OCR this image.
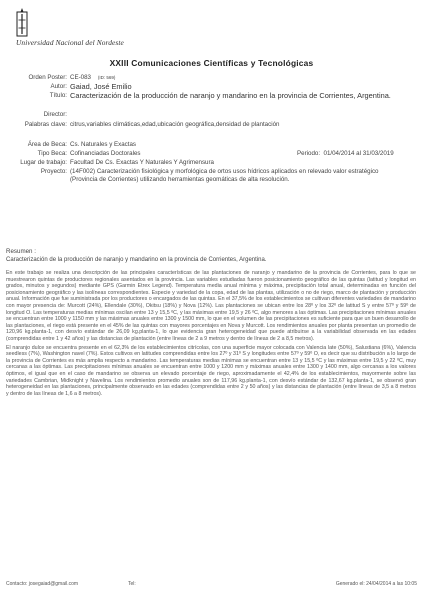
Universidad Nacional del Nordeste
XXIII Comunicaciones Científicas y Tecnológicas
Orden Poster: CE-083 (ID: 569)
Autor: Gaiad, José Emilio
Título: Caracterización de la producción de naranjo y mandarino en la provincia de Corrientes, Argentina.
Director:
Palabras clave: citrus,variables climáticas,edad,ubicación geográfica,densidad de plantación
Área de Beca: Cs. Naturales y Exactas
Tipo Beca: Cofinanciadas Doctorales	Periodo: 01/04/2014 al 31/03/2019
Lugar de trabajo: Facultad De Cs. Exactas Y Naturales Y Agrimensura
Proyecto: (14F002) Caracterización fisiológica y morfológica de ortos usos hídricos aplicados en relevado valor estratégico (Provincia de Corrientes) utilizando herramientas geomáticas de alta resolución.
Resumen :
Caracterización de la producción de naranjo y mandarino en la provincia de Corrientes, Argentina.

En este trabajo se realiza una descripción de las principales características de las plantaciones de naranjo y mandarino de la provincia de Corrientes, para lo que se muestrearon quintas de productores regionales asentados en la provincia. Las variables estudiadas fueron posicionamiento geográfico de las quintas (latitud y longitud en grados, minutos y segundos) mediante GPS (Garmin Etrex Legend). Temperatura media anual mínima y máxima, precipitación total anual, determinadas en función del posicionamiento geográfico y las isolíneas correspondientes. Especie y variedad de la copa, edad de las plantas, utilización o no de riego, marco de plantación y producción anual. Información que fue suministrada por los productores o encargados de las quintas. En el 37,5% de los establecimientos se cultivan diferentes variedades de mandarino con mayor presencia de: Murcott (24%), Ellendale (30%), Okitsu (18%) y Nova (12%). Las plantaciones se ubican entre los 28º y los 32º de latitud S y entre 57º y 59º de longitud O. Las temperaturas medias mínimas oscilan entre 13 y 15,5 ºC, y las máximas entre 19,5 y 26 ºC, algo menores a las óptimas. Las precipitaciones mínimas anuales se encuentran entre 1000 y 1150 mm y las máximas anuales entre 1300 y 1500 mm, lo que en el volumen de las precipitaciones es suficiente para que un buen desarrollo de las plantaciones, el riego está presente en el 45% de las quintas con mayores porcentajes en Nova y Murcott. Los rendimientos anuales por planta presentan un promedio de 120,96 kg.planta-1, con desvío estándar de 26,09 kg.planta-1, lo que evidencia gran heterogeneidad que puede atribuirse a la variabilidad observada en las edades (comprendidas entre 1 y 42 años) y las distancias de plantación (entre líneas de 2 a 9 metros y dentro de líneas de 2 a 8,5 metros).

El naranjo dulce se encuentra presente en el 62,3% de los establecimientos citrícolas, con una superficie mayor colocada con Valencia late (50%), Salustiana (6%), Valencia seedless (7%), Washington navel (7%). Estos cultivos en latitudes comprendidas entre los 27º y 31º S y longitudes entre 57º y 59º O, es decir que su distribución a lo largo de la provincia de Corrientes es más amplia respecto a mandarino. Las temperaturas medias mínimas se encuentran entre 13 y 15,5 ºC y las máximas entre 19,5 y 22 ºC, muy cercanas a las óptimas. Las precipitaciones mínimas anuales se encuentran entre 1000 y 1200 mm y máximas anuales entre 1300 y 1400 mm, algo cercanas a los valores óptimos, el igual que en el caso de mandarino se observa un elevado porcentaje de riego, aproximadamente el 42,4% de los establecimientos, mayormente sobre las variedades Cambrian, Midknight y Navelina. Los rendimientos promedio anuales son de 117,96 kg.planta-1, con desvío estándar de 132,67 kg.planta-1, se observó gran heterogeneidad en las plantaciones, principalmente observado en las edades (comprendidas entre 2 y 50 años) y las distancias de plantación (entre líneas de 3,5 a 8 metros y dentro de las líneas de 1,6 a 8 metros).

Contacto: josegaiad@gmail.com	Tel:	Generado el: 24/04/2014 a las 10:05
